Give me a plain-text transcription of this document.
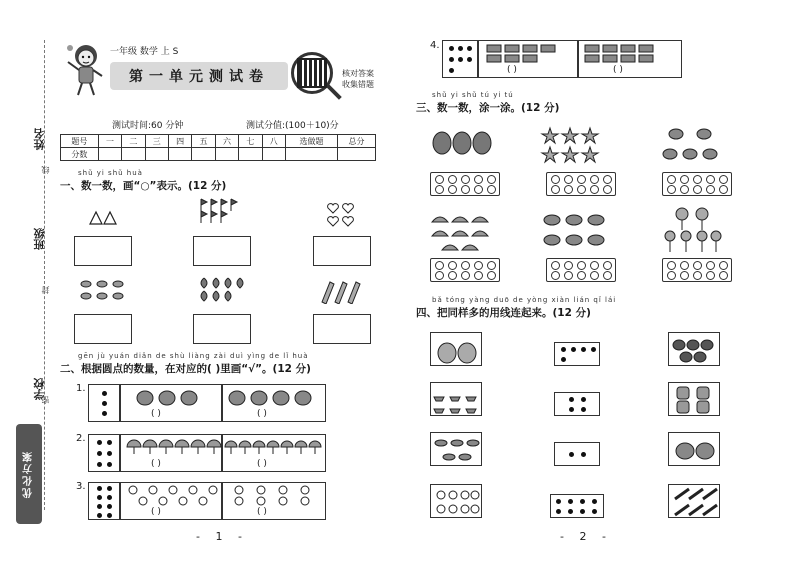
姓名
班级
学校
线
封
密
优化方案
一年级 数学 上 S
第一单元测试卷	核对答案
收集错题
测试时间:60 分钟	测试分值:(100＋10)分
题号	一	二	三	四	五	六	七	八	选做题	总分
分数										
shǔ yi shǔ huà
一、数一数，画“○”表示。(12 分)
gēn jù yuán diǎn de shù liàng zài duì yìng de lǐ huà
二、根据圆点的数量，在对应的( )里画“√”。(12 分)
1.
( )	( )
2.
( )	( )
3.
( )	( )
- 1 -
4.
( )	( )
shǔ yi shǔ tú yi tú
三、数一数，涂一涂。(12 分)
bǎ tóng yàng duō de yòng xiàn lián qǐ lái
四、把同样多的用线连起来。(12 分)
- 2 -
